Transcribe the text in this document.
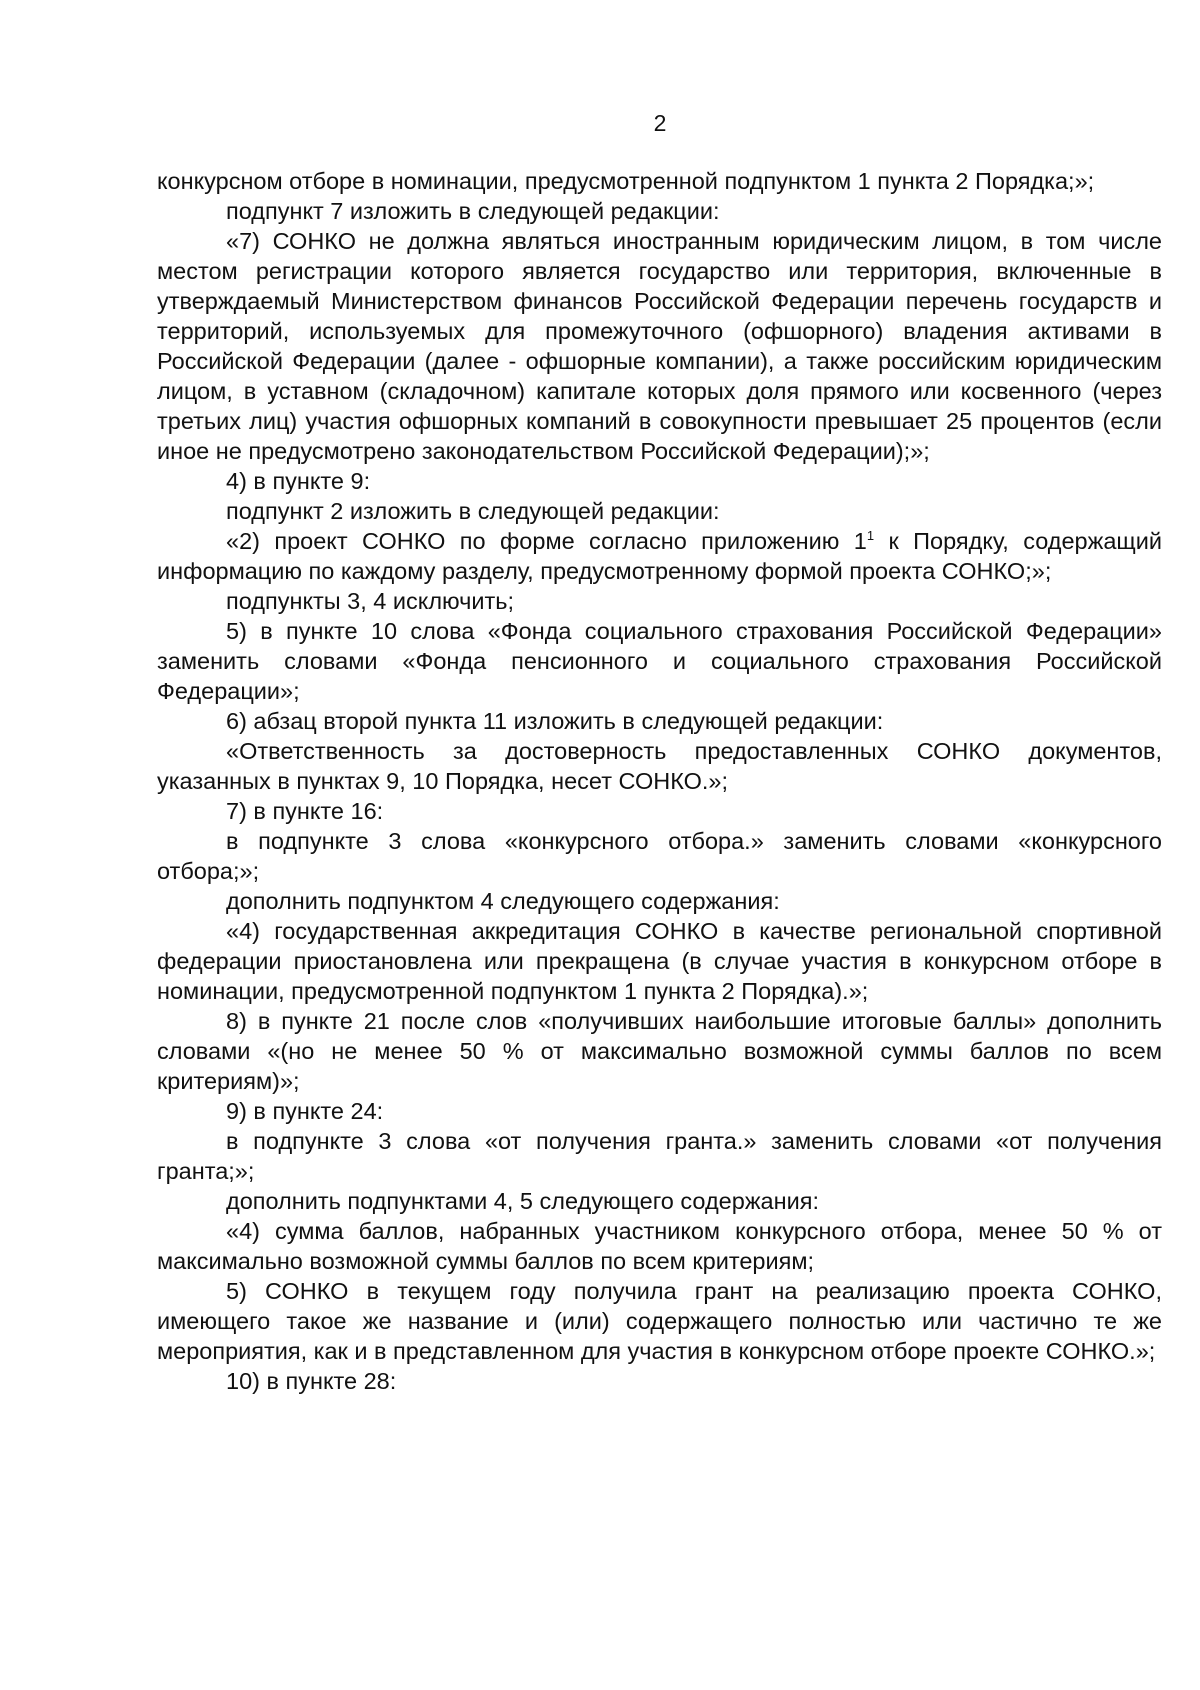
2

конкурсном отборе в номинации, предусмотренной подпунктом 1 пункта 2 Порядка;»;

подпункт 7 изложить в следующей редакции:

«7) СОНКО не должна являться иностранным юридическим лицом, в том числе местом регистрации которого является государство или территория, включенные в утверждаемый Министерством финансов Российской Федерации перечень государств и территорий, используемых для промежуточного (офшорного) владения активами в Российской Федерации (далее - офшорные компании), а также российским юридическим лицом, в уставном (складочном) капитале которых доля прямого или косвенного (через третьих лиц) участия офшорных компаний в совокупности превышает 25 процентов (если иное не предусмотрено законодательством Российской Федерации);»;

4) в пункте 9:

подпункт 2 изложить в следующей редакции:

«2) проект СОНКО по форме согласно приложению $1^1$ к Порядку, содержащий информацию по каждому разделу, предусмотренному формой проекта СОНКО;»;

подпункты 3, 4 исключить;

5) в пункте 10 слова «Фонда социального страхования Российской Федерации» заменить словами «Фонда пенсионного и социального страхования Российской Федерации»;

6) абзац второй пункта 11 изложить в следующей редакции:

«Ответственность за достоверность предоставленных СОНКО документов, указанных в пунктах 9, 10 Порядка, несет СОНКО.»;

7) в пункте 16:

в подпункте 3 слова «конкурсного отбора.» заменить словами «конкурсного отбора;»;

дополнить подпунктом 4 следующего содержания:

«4) государственная аккредитация СОНКО в качестве региональной спортивной федерации приостановлена или прекращена (в случае участия в конкурсном отборе в номинации, предусмотренной подпунктом 1 пункта 2 Порядка).»;

8) в пункте 21 после слов «получивших наибольшие итоговые баллы» дополнить словами «(но не менее 50 % от максимально возможной суммы баллов по всем критериям)»;

9) в пункте 24:

в подпункте 3 слова «от получения гранта.» заменить словами «от получения гранта;»;

дополнить подпунктами 4, 5 следующего содержания:

«4) сумма баллов, набранных участником конкурсного отбора, менее 50 % от максимально возможной суммы баллов по всем критериям;

5) СОНКО в текущем году получила грант на реализацию проекта СОНКО, имеющего такое же название и (или) содержащего полностью или частично те же мероприятия, как и в представленном для участия в конкурсном отборе проекте СОНКО.»;

10) в пункте 28:
